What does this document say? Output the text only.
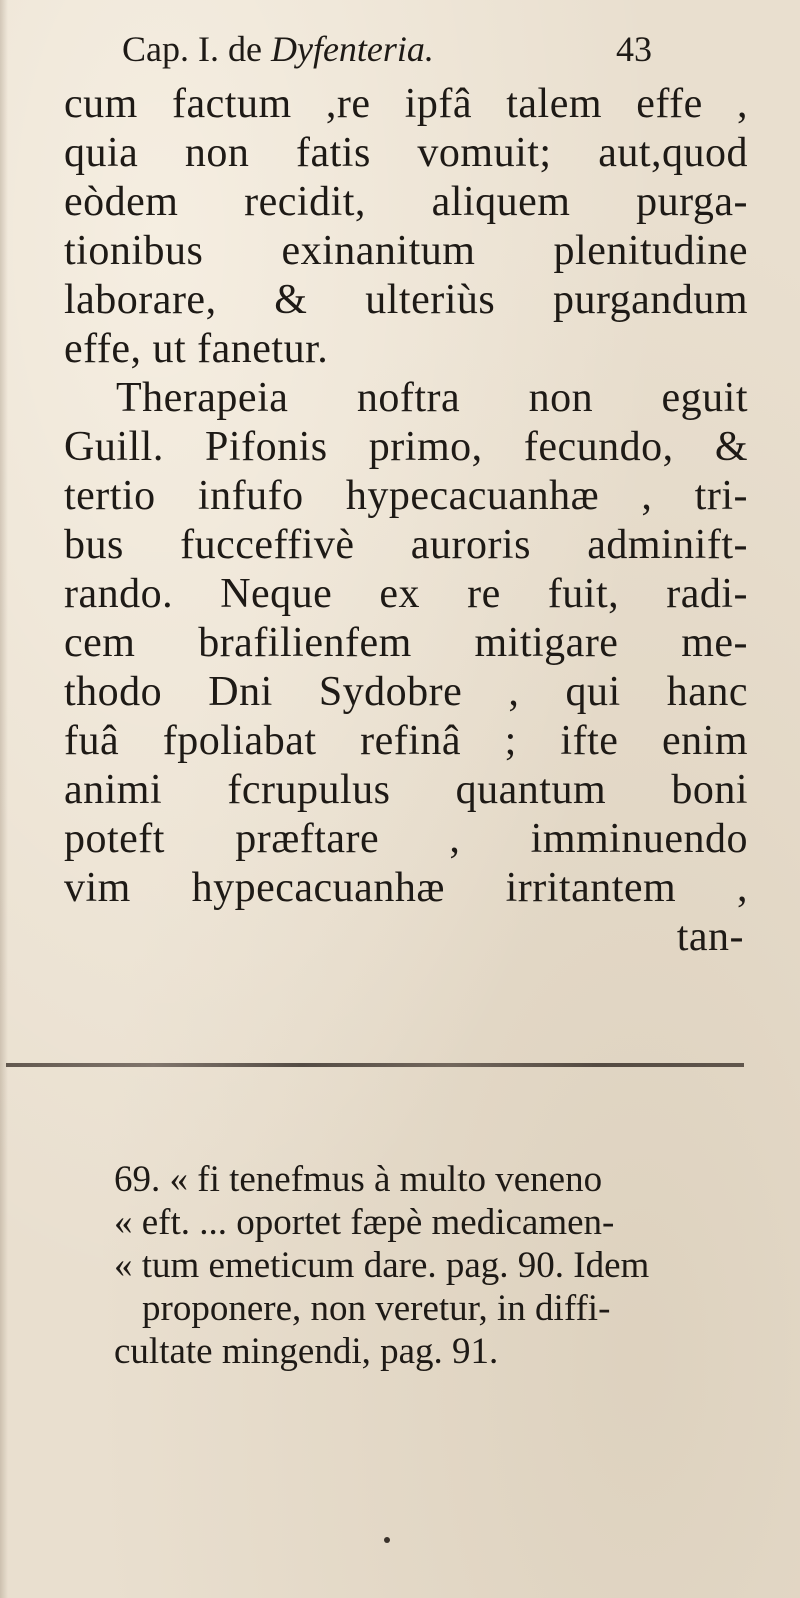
Cap. I. de Dyfenteria.	43
cum factum ,re ipfâ talem effe ,
quia non fatis vomuit; aut,quod
eòdem recidit, aliquem purga-
tionibus exinanitum plenitudine
laborare, & ulteriùs purgandum
effe, ut fanetur.
Therapeia noftra non eguit
Guill. Pifonis primo, fecundo, &
tertio infufo hypecacuanhæ , tri-
bus fucceffivè auroris adminift-
rando. Neque ex re fuit, radi-
cem brafilienfem mitigare me-
thodo Dni Sydobre , qui hanc
fuâ fpoliabat refinâ ; ifte enim
animi fcrupulus quantum boni
poteft præftare , imminuendo
vim hypecacuanhæ irritantem ,
tan-
69. « fi tenefmus à multo veneno
« eft. ... oportet fæpè medicamen-
« tum emeticum dare. pag. 90. Idem
proponere, non veretur, in diffi-
cultate mingendi, pag. 91.
